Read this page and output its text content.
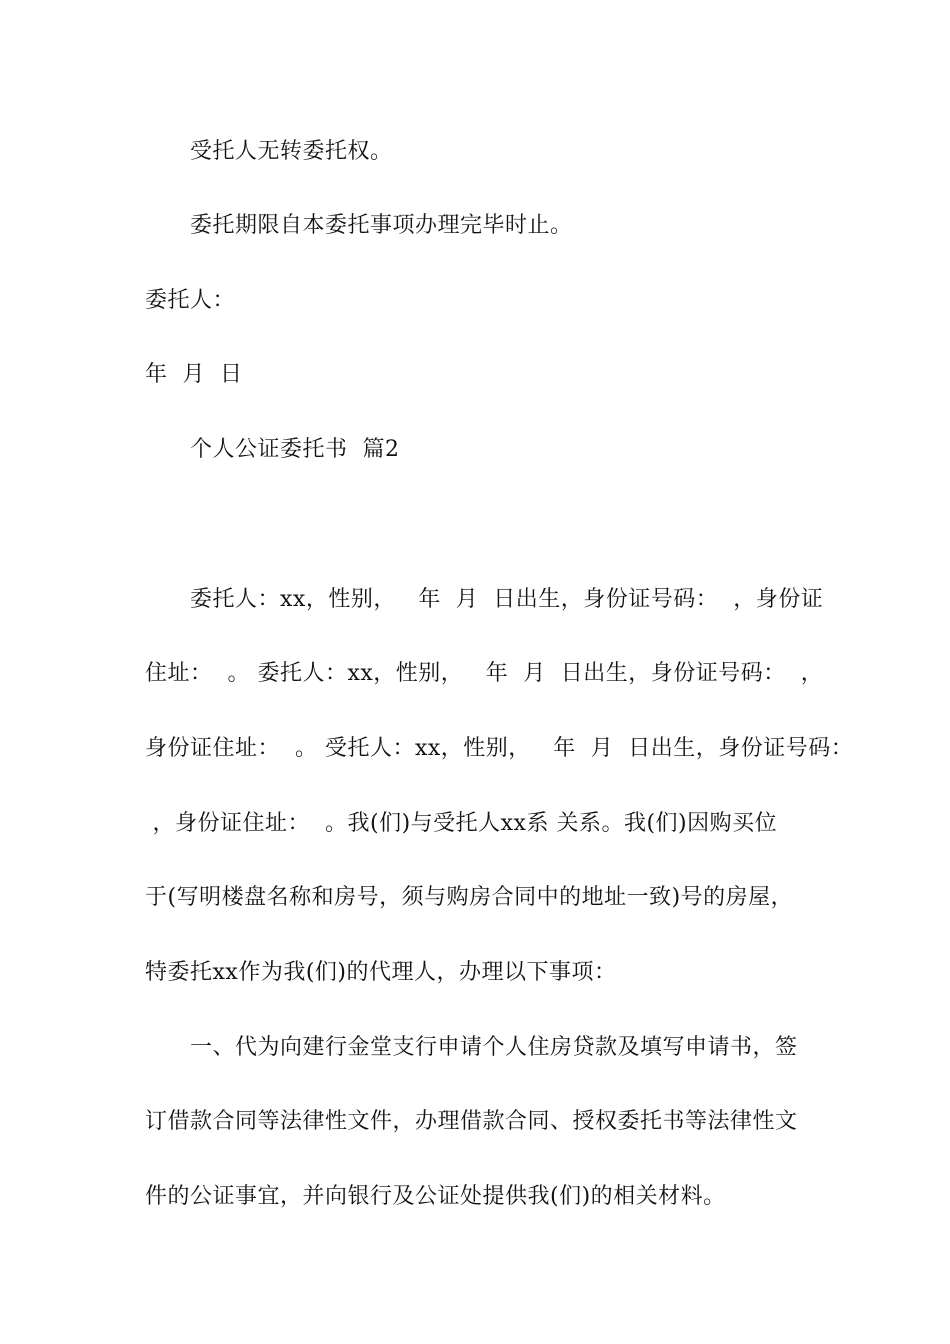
受托人无转委托权。
委托期限自本委托事项办理完毕时止。
委托人：
年  月  日
个人公证委托书  篇2
委托人：xx，性别，   年  月  日出生，身份证号码：  ，身份证
住址：  。 委托人：xx，性别，   年  月  日出生，身份证号码：  ，
身份证住址：  。 受托人：xx，性别，   年  月  日出生，身份证号码：
，身份证住址：  。我(们)与受托人xx系 关系。我(们)因购买位
于(写明楼盘名称和房号，须与购房合同中的地址一致)号的房屋，
特委托xx作为我(们)的代理人，办理以下事项：
一、代为向建行金堂支行申请个人住房贷款及填写申请书，签
订借款合同等法律性文件，办理借款合同、授权委托书等法律性文
件的公证事宜，并向银行及公证处提供我(们)的相关材料。
